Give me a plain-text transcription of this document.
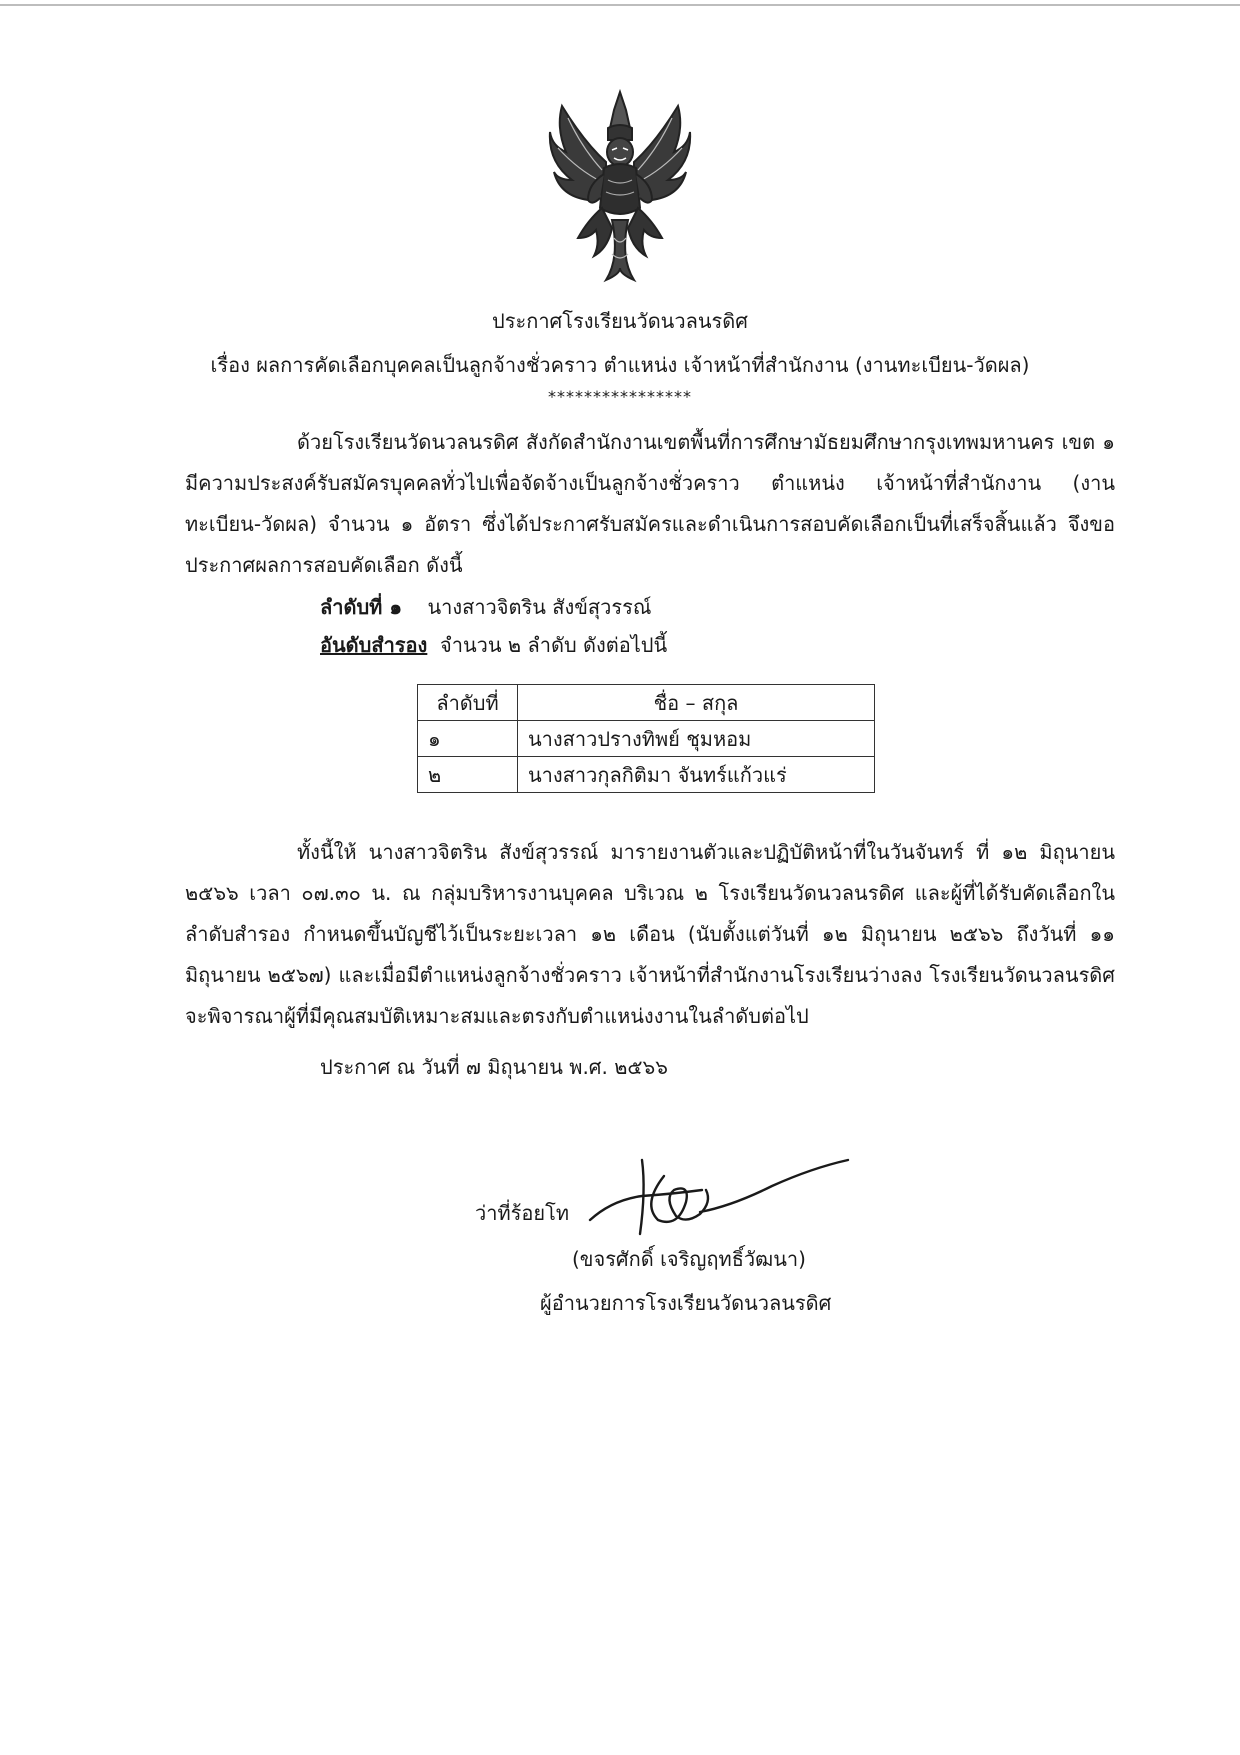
ประกาศโรงเรียนวัดนวลนรดิศ
เรื่อง ผลการคัดเลือกบุคคลเป็นลูกจ้างชั่วคราว ตำแหน่ง เจ้าหน้าที่สำนักงาน (งานทะเบียน-วัดผล)
****************
ด้วยโรงเรียนวัดนวลนรดิศ สังกัดสำนักงานเขตพื้นที่การศึกษามัธยมศึกษากรุงเทพมหานคร เขต ๑ มีความประสงค์รับสมัครบุคคลทั่วไปเพื่อจัดจ้างเป็นลูกจ้างชั่วคราว ตำแหน่ง เจ้าหน้าที่สำนักงาน (งานทะเบียน-วัดผล) จำนวน ๑ อัตรา ซึ่งได้ประกาศรับสมัครและดำเนินการสอบคัดเลือกเป็นที่เสร็จสิ้นแล้ว จึงขอประกาศผลการสอบคัดเลือก ดังนี้
ลำดับที่ ๑ นางสาวจิตริน สังข์สุวรรณ์
อันดับสำรอง จำนวน ๒ ลำดับ ดังต่อไปนี้
ลำดับที่	ชื่อ – สกุล
๑	นางสาวปรางทิพย์ ชุมหอม
๒	นางสาวกุลกิติมา จันทร์แก้วแร่
ทั้งนี้ให้ นางสาวจิตริน สังข์สุวรรณ์ มารายงานตัวและปฏิบัติหน้าที่ในวันจันทร์ ที่ ๑๒ มิถุนายน ๒๕๖๖ เวลา ๐๗.๓๐ น. ณ กลุ่มบริหารงานบุคคล บริเวณ ๒ โรงเรียนวัดนวลนรดิศ และผู้ที่ได้รับคัดเลือกในลำดับสำรอง กำหนดขึ้นบัญชีไว้เป็นระยะเวลา ๑๒ เดือน (นับตั้งแต่วันที่ ๑๒ มิถุนายน ๒๕๖๖ ถึงวันที่ ๑๑ มิถุนายน ๒๕๖๗) และเมื่อมีตำแหน่งลูกจ้างชั่วคราว เจ้าหน้าที่สำนักงานโรงเรียนว่างลง โรงเรียนวัดนวลนรดิศ จะพิจารณาผู้ที่มีคุณสมบัติเหมาะสมและตรงกับตำแหน่งงานในลำดับต่อไป
ประกาศ ณ วันที่ ๗ มิถุนายน พ.ศ. ๒๕๖๖
ว่าที่ร้อยโท
(ขจรศักดิ์ เจริญฤทธิ์วัฒนา)
ผู้อำนวยการโรงเรียนวัดนวลนรดิศ
